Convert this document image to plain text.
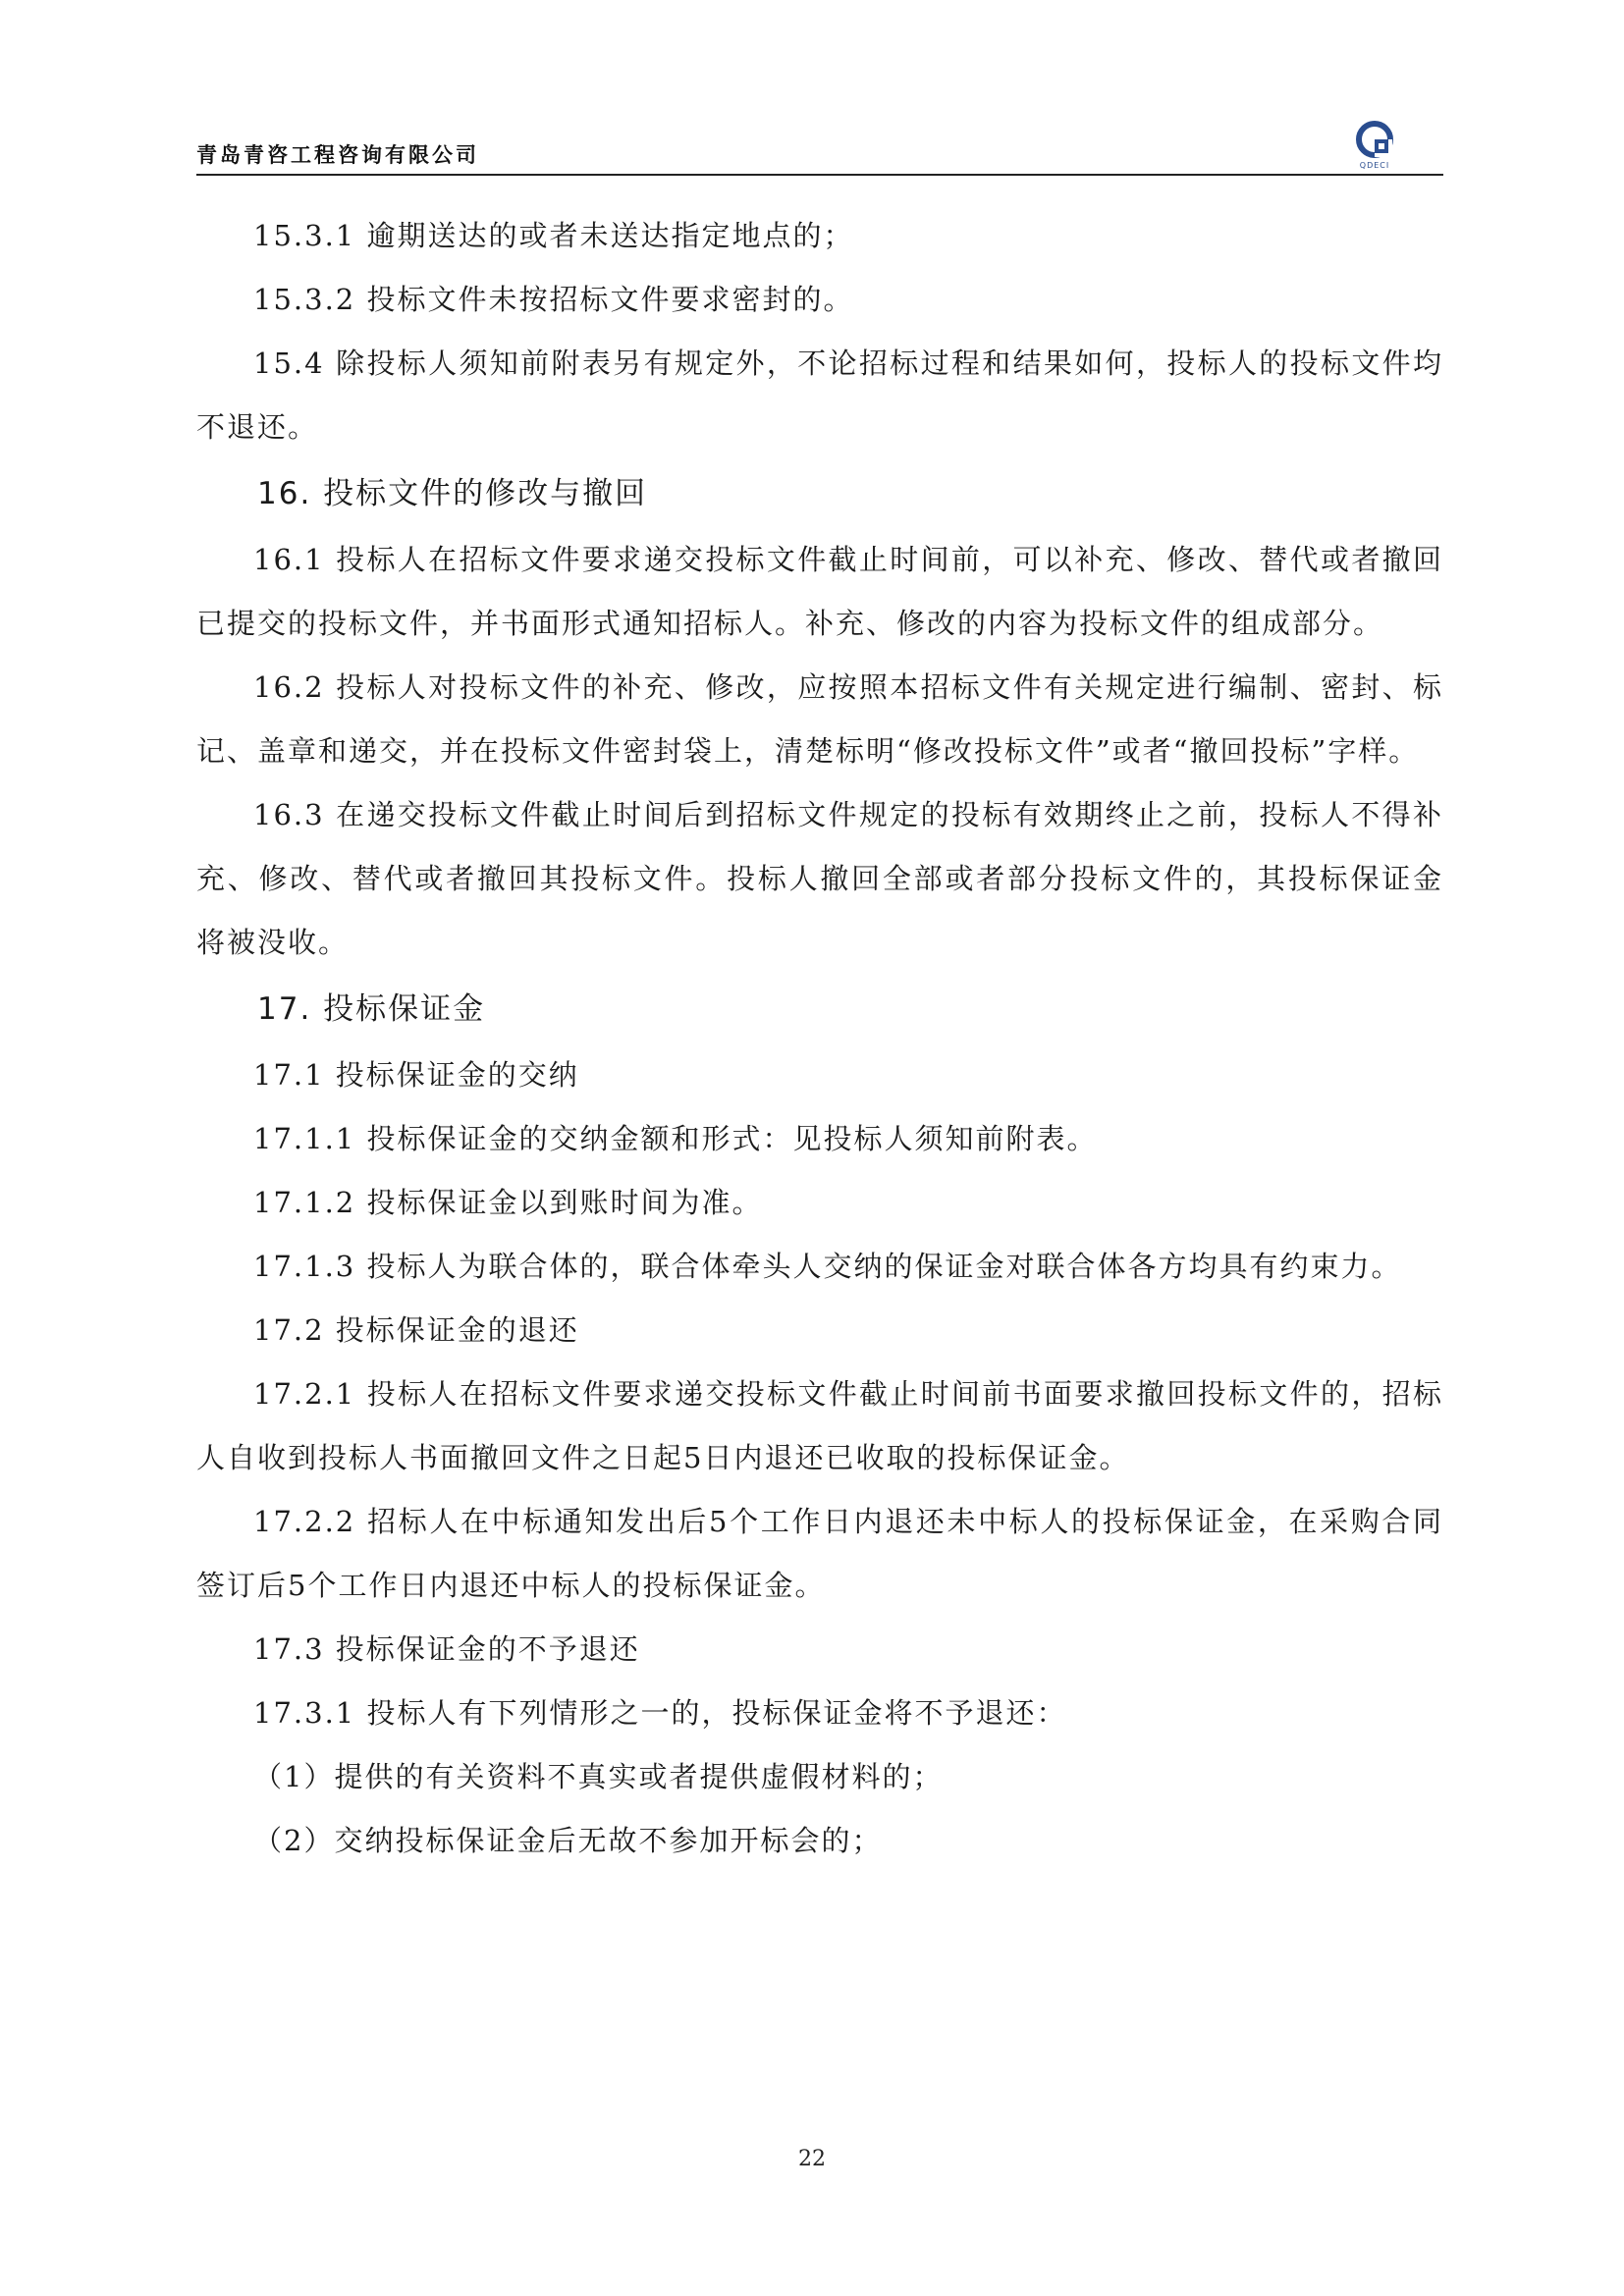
青岛青咨工程咨询有限公司	QDECI

15.3.1 逾期送达的或者未送达指定地点的；

15.3.2 投标文件未按招标文件要求密封的。

15.4 除投标人须知前附表另有规定外，不论招标过程和结果如何，投标人的投标文件均不退还。

16. 投标文件的修改与撤回

16.1 投标人在招标文件要求递交投标文件截止时间前，可以补充、修改、替代或者撤回已提交的投标文件，并书面形式通知招标人。补充、修改的内容为投标文件的组成部分。

16.2 投标人对投标文件的补充、修改，应按照本招标文件有关规定进行编制、密封、标记、盖章和递交，并在投标文件密封袋上，清楚标明“修改投标文件”或者“撤回投标”字样。

16.3 在递交投标文件截止时间后到招标文件规定的投标有效期终止之前，投标人不得补充、修改、替代或者撤回其投标文件。投标人撤回全部或者部分投标文件的，其投标保证金将被没收。

17. 投标保证金

17.1 投标保证金的交纳

17.1.1 投标保证金的交纳金额和形式：见投标人须知前附表。

17.1.2 投标保证金以到账时间为准。

17.1.3 投标人为联合体的，联合体牵头人交纳的保证金对联合体各方均具有约束力。

17.2 投标保证金的退还

17.2.1 投标人在招标文件要求递交投标文件截止时间前书面要求撤回投标文件的，招标人自收到投标人书面撤回文件之日起5日内退还已收取的投标保证金。

17.2.2 招标人在中标通知发出后5个工作日内退还未中标人的投标保证金，在采购合同签订后5个工作日内退还中标人的投标保证金。

17.3 投标保证金的不予退还

17.3.1 投标人有下列情形之一的，投标保证金将不予退还：

（1）提供的有关资料不真实或者提供虚假材料的；

（2）交纳投标保证金后无故不参加开标会的；

22
